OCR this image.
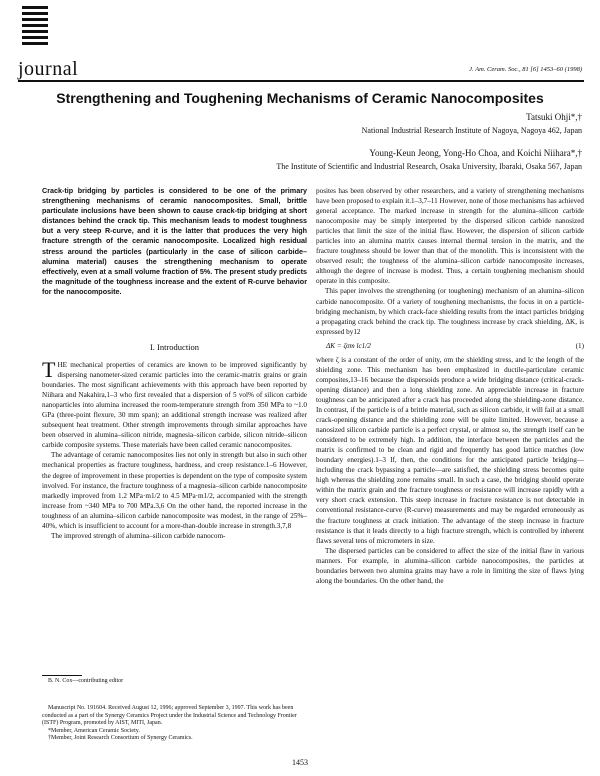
journal	J. Am. Ceram. Soc., 81 [6] 1453–60 (1998)
Strengthening and Toughening Mechanisms of Ceramic Nanocomposites
Tatsuki Ohji*,†
National Industrial Research Institute of Nagoya, Nagoya 462, Japan
Young-Keun Jeong, Yong-Ho Choa, and Koichi Niihara*,†
The Institute of Scientific and Industrial Research, Osaka University, Ibaraki, Osaka 567, Japan
Crack-tip bridging by particles is considered to be one of the primary strengthening mechanisms of ceramic nanocomposites. Small, brittle particulate inclusions have been shown to cause crack-tip bridging at short distances behind the crack tip. This mechanism leads to modest toughness but a very steep R-curve, and it is the latter that produces the very high fracture strength of the ceramic nanocomposite. Localized high residual stress around the particles (particularly in the case of silicon carbide–alumina material) causes the strengthening mechanism to operate effectively, even at a small volume fraction of 5%. The present study predicts the magnitude of the toughness increase and the extent of R-curve behavior for the nanocomposite.
I. Introduction

THE mechanical properties of ceramics are known to be improved significantly by dispersing nanometer-sized ceramic particles into the ceramic-matrix grains or grain boundaries. The most significant achievements with this approach have been reported by Niihara and Nakahira,1–3 who first revealed that a dispersion of 5 vol% of silicon carbide nanoparticles into alumina increased the room-temperature strength from 350 MPa to ~1.0 GPa (three-point flexure, 30 mm span); an additional strength increase was realized after subsequent heat treatment. Other strength improvements through similar approaches have been observed in alumina–silicon nitride, magnesia–silicon carbide, silicon nitride–silicon carbide composite systems. These materials have been called ceramic nanocomposites.

The advantage of ceramic nanocomposites lies not only in strength but also in such other mechanical properties as fracture toughness, hardness, and creep resistance.1–6 However, the degree of improvement in these properties is dependent on the type of composite system involved. For instance, the fracture toughness of a magnesia–silicon carbide nanocomposite markedly improved from 1.2 MPa·m1/2 to 4.5 MPa·m1/2, accompanied with the strength increase from ~340 MPa to 700 MPa.3,6 On the other hand, the reported increase in the toughness of an alumina–silicon carbide nanocomposite was modest, in the range of 25%–40%, which is insufficient to account for a more-than-double increase in strength.3,7,8

The improved strength of alumina–silicon carbide nanocom-

B. N. Cox—contributing editor

Manuscript No. 191604. Received August 12, 1996; approved September 3, 1997. This work has been conducted as a part of the Synergy Ceramics Project under the Industrial Science and Technology Frontier (ISTF) Program, promoted by AIST, MITI, Japan.

*Member, American Ceramic Society.

†Member, Joint Research Consortium of Synergy Ceramics.

posites has been observed by other researchers, and a variety of strengthening mechanisms have been proposed to explain it.1–3,7–11 However, none of those mechanisms has achieved general acceptance. The marked increase in strength for the alumina–silicon carbide nanocomposite may be simply interpreted by the dispersed silicon carbide nanosized particles that limit the size of the initial flaw. However, the dispersion of silicon carbide particles into an alumina matrix causes internal thermal tension in the matrix, and the fracture toughness should be lower than that of the monolith. This is inconsistent with the observed result; the toughness of the alumina–silicon carbide nanocomposite increases, although the degree of increase is modest. Thus, a certain toughening mechanism should operate in this composite.

This paper involves the strengthening (or toughening) mechanism of an alumina–silicon carbide nanocomposite. Of a variety of toughening mechanisms, the focus in on a particle-bridging mechanism, by which crack-face shielding results from the intact particles bridging a propagating crack behind the crack tip. The toughness increase by crack shielding, ΔK, is expressed by12

ΔK = ζσm lc1/2	(1)

where ζ is a constant of the order of unity, σm the shielding stress, and lc the length of the shielding zone. This mechanism has been emphasized in ductile-particulate ceramic composites,13–16 because the dispersoids produce a wide bridging distance (critical-crack-opening distance) and then a long shielding zone. An appreciable increase in fracture toughness can be anticipated after a crack has proceeded along the shielding-zone distance. In contrast, if the particle is of a brittle material, such as silicon carbide, it will fail at a small crack-opening distance and the shielding zone will be quite limited. However, because a nanosized silicon carbide particle is a perfect crystal, or almost so, the strength itself can be considered to be extremely high. In addition, the interface between the particles and the matrix is confirmed to be clean and rigid and frequently has good lattice matches (low boundary energies).1–3 If, then, the conditions for the anticipated particle bridging—including the crack bypassing a particle—are satisfied, the shielding stress becomes quite high whereas the shielding zone remains small. In such a case, the bridging should operate within the matrix grain and the fracture toughness or resistance will increase rapidly with a very short crack extension. This steep increase in fracture resistance is not detectable in conventional resistance-curve (R-curve) measurements and may be regarded erroneously as the fracture toughness at crack initiation. The advantage of the steep increase in fracture resistance is that it leads directly to a high fracture strength, which is controlled by inherent flaws several tens of micrometers in size.

The dispersed particles can be considered to affect the size of the initial flaw in various manners. For example, in alumina–silicon carbide nanocomposites, the particles at boundaries between two alumina grains may have a role in limiting the size of flaws lying along the boundaries. On the other hand, the

1453
